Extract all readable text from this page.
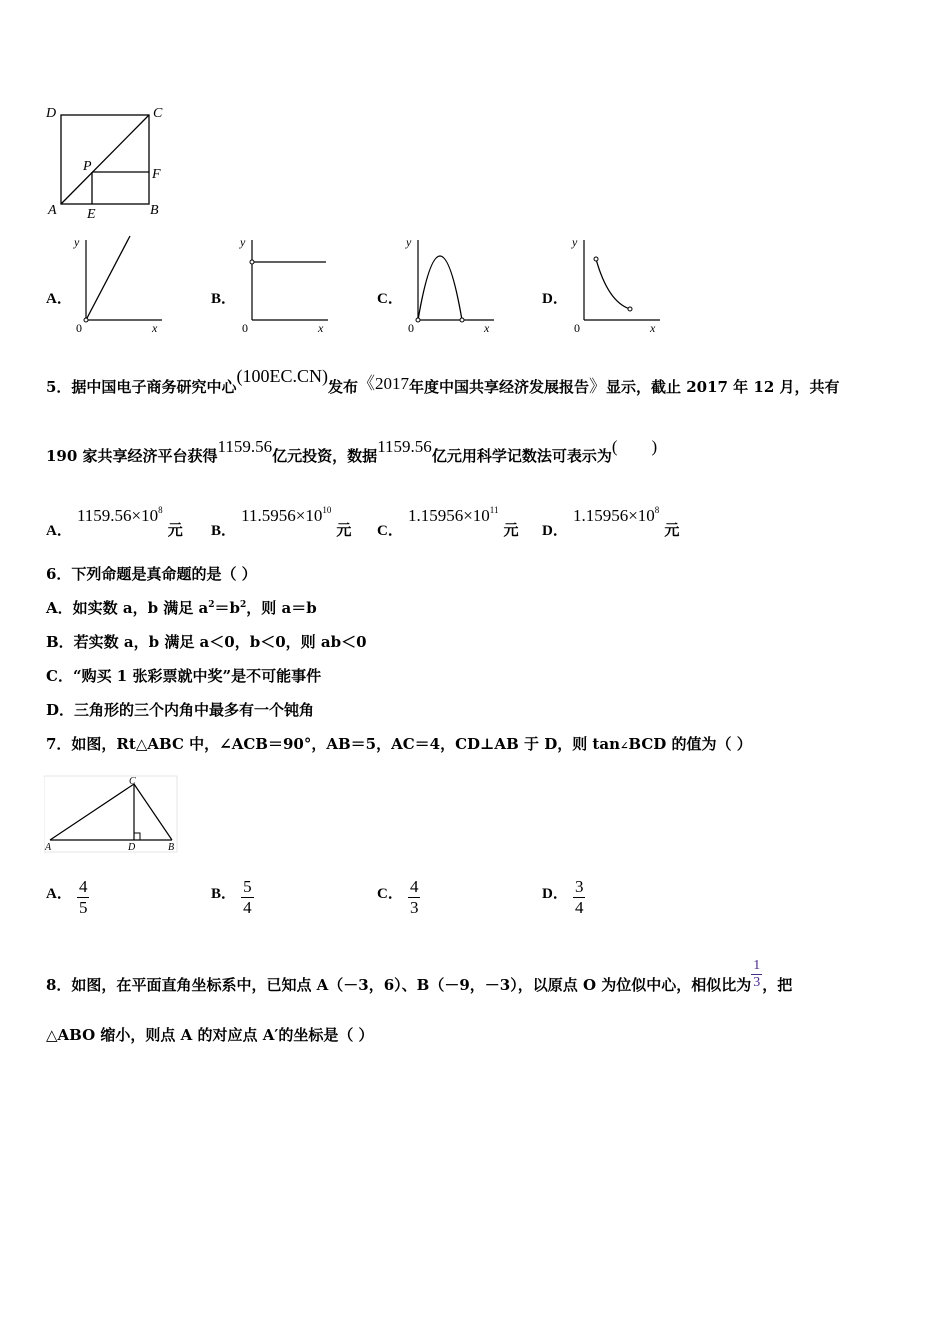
D	C
P
F
A E	B
A．
y
x
0
B．
y
x
0
C．
y
x
0
D．
y
x
0
5．据中国电子商务研究中心(100EC.CN)发布《2017年度中国共享经济发展报告》显示，截止 2017 年 12 月，共有
190 家共享经济平台获得1159.56亿元投资，数据1159.56亿元用科学记数法可表示为(        )
A． $1159.56\times 10^8$ 元 B． $11.5956\times 10^{10}$ 元 C． $1.15956\times 10^{11}$ 元 D． $1.15956\times 10^8$ 元
6．下列命题是真命题的是（ ）
A．如实数 a，b 满足 $a^2=b^2$，则 a＝b
B．若实数 a，b 满足 a＜0，b＜0，则 ab＜0
C．“购买 1 张彩票就中奖”是不可能事件
D．三角形的三个内角中最多有一个钝角
7．如图，Rt△ABC 中，∠ACB＝90°，AB＝5，AC＝4，CD⊥AB 于 D，则 tan∠BCD 的值为（ ）
C
A	D	B
A． $\frac{4}{5}$	B． $\frac{5}{4}$	C． $\frac{4}{3}$	D． $\frac{3}{4}$
8．如图，在平面直角坐标系中，已知点 A（－3，6）、B（－9，－3），以原点 O 为位似中心，相似比为 $\frac{1}{3}$ ，把
△ABO 缩小，则点 A 的对应点 A′的坐标是（ ）
